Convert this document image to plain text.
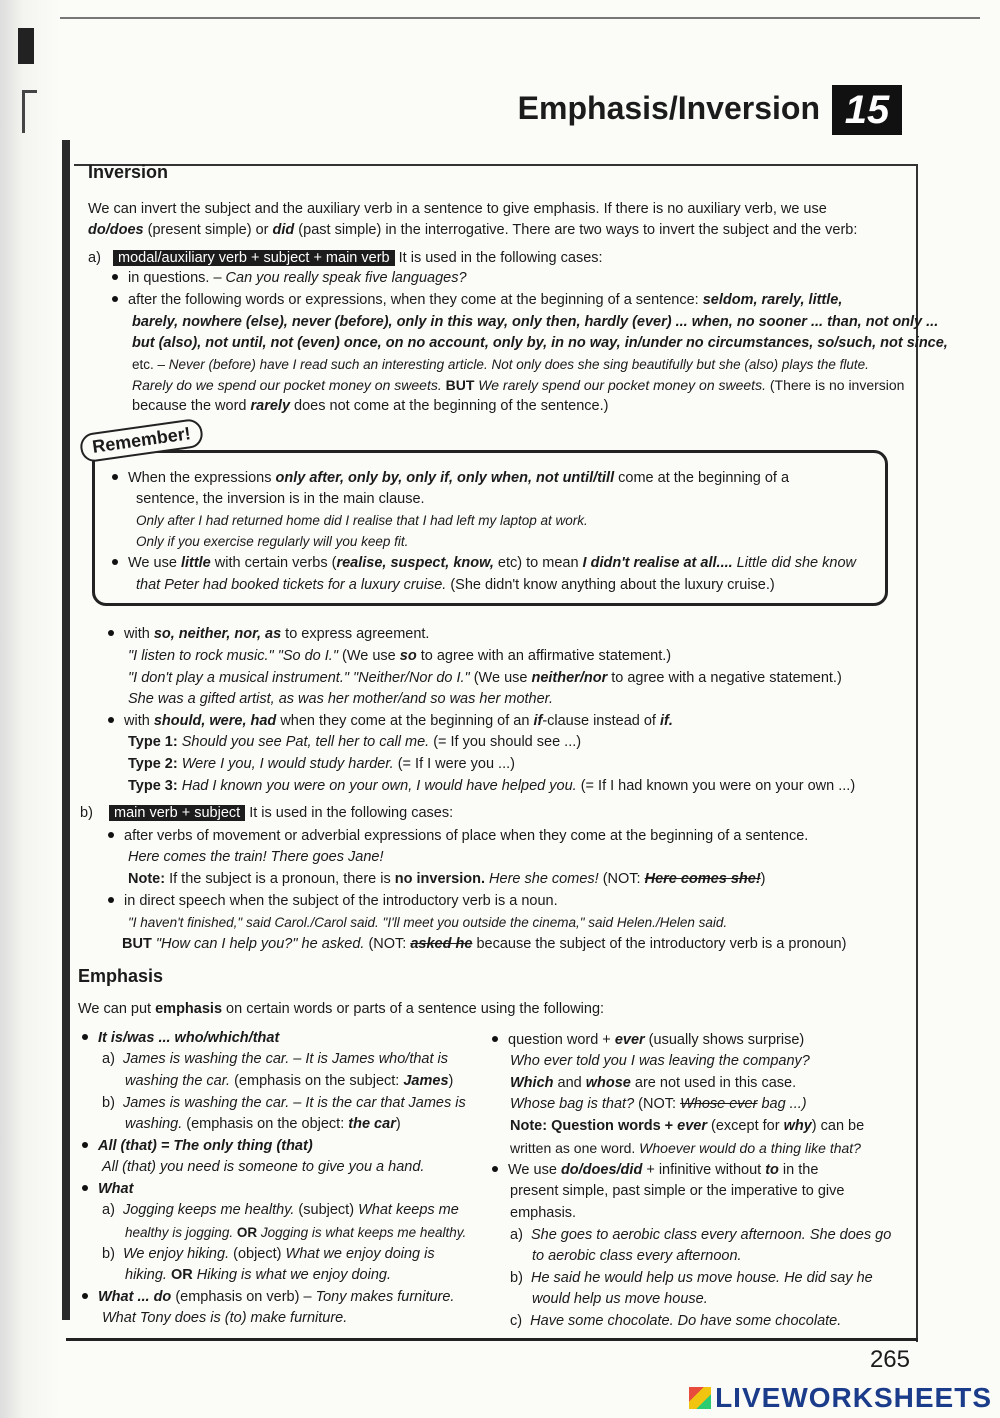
Emphasis/Inversion 15
Inversion
We can invert the subject and the auxiliary verb in a sentence to give emphasis. If there is no auxiliary verb, we use
do/does (present simple) or did (past simple) in the interrogative. There are two ways to invert the subject and the verb:
a) modal/auxiliary verb + subject + main verb It is used in the following cases:
in questions. – Can you really speak five languages?
after the following words or expressions, when they come at the beginning of a sentence: seldom, rarely, little,
barely, nowhere (else), never (before), only in this way, only then, hardly (ever) ... when, no sooner ... than, not only ...
but (also), not until, not (even) once, on no account, only by, in no way, in/under no circumstances, so/such, not since,
etc. – Never (before) have I read such an interesting article. Not only does she sing beautifully but she (also) plays the flute.
Rarely do we spend our pocket money on sweets. BUT We rarely spend our pocket money on sweets. (There is no inversion
because the word rarely does not come at the beginning of the sentence.)
Remember!
When the expressions only after, only by, only if, only when, not until/till come at the beginning of a
sentence, the inversion is in the main clause.
Only after I had returned home did I realise that I had left my laptop at work.
Only if you exercise regularly will you keep fit.
We use little with certain verbs (realise, suspect, know, etc) to mean I didn't realise at all.... Little did she know
that Peter had booked tickets for a luxury cruise. (She didn't know anything about the luxury cruise.)
with so, neither, nor, as to express agreement.
"I listen to rock music." "So do I." (We use so to agree with an affirmative statement.)
"I don't play a musical instrument." "Neither/Nor do I." (We use neither/nor to agree with a negative statement.)
She was a gifted artist, as was her mother/and so was her mother.
with should, were, had when they come at the beginning of an if-clause instead of if.
Type 1: Should you see Pat, tell her to call me. (= If you should see ...)
Type 2: Were I you, I would study harder. (= If I were you ...)
Type 3: Had I known you were on your own, I would have helped you. (= If I had known you were on your own ...)
b) main verb + subject It is used in the following cases:
after verbs of movement or adverbial expressions of place when they come at the beginning of a sentence.
Here comes the train! There goes Jane!
Note: If the subject is a pronoun, there is no inversion. Here she comes! (NOT: Here comes she!)
in direct speech when the subject of the introductory verb is a noun.
"I haven't finished," said Carol./Carol said. "I'll meet you outside the cinema," said Helen./Helen said.
BUT "How can I help you?" he asked. (NOT: asked he because the subject of the introductory verb is a pronoun)
Emphasis
We can put emphasis on certain words or parts of a sentence using the following:
It is/was ... who/which/that
a) James is washing the car. – It is James who/that is
washing the car. (emphasis on the subject: James)
b) James is washing the car. – It is the car that James is
washing. (emphasis on the object: the car)
All (that) = The only thing (that)
All (that) you need is someone to give you a hand.
What
a) Jogging keeps me healthy. (subject) What keeps me
healthy is jogging. OR Jogging is what keeps me healthy.
b) We enjoy hiking. (object) What we enjoy doing is
hiking. OR Hiking is what we enjoy doing.
What ... do (emphasis on verb) – Tony makes furniture.
What Tony does is (to) make furniture.
question word + ever (usually shows surprise)
Who ever told you I was leaving the company?
Which and whose are not used in this case.
Whose bag is that? (NOT: Whose ever bag ...)
Note: Question words + ever (except for why) can be
written as one word. Whoever would do a thing like that?
We use do/does/did + infinitive without to in the
present simple, past simple or the imperative to give
emphasis.
a) She goes to aerobic class every afternoon. She does go
to aerobic class every afternoon.
b) He said he would help us move house. He did say he
would help us move house.
c) Have some chocolate. Do have some chocolate.
265
LIVEWORKSHEETS
